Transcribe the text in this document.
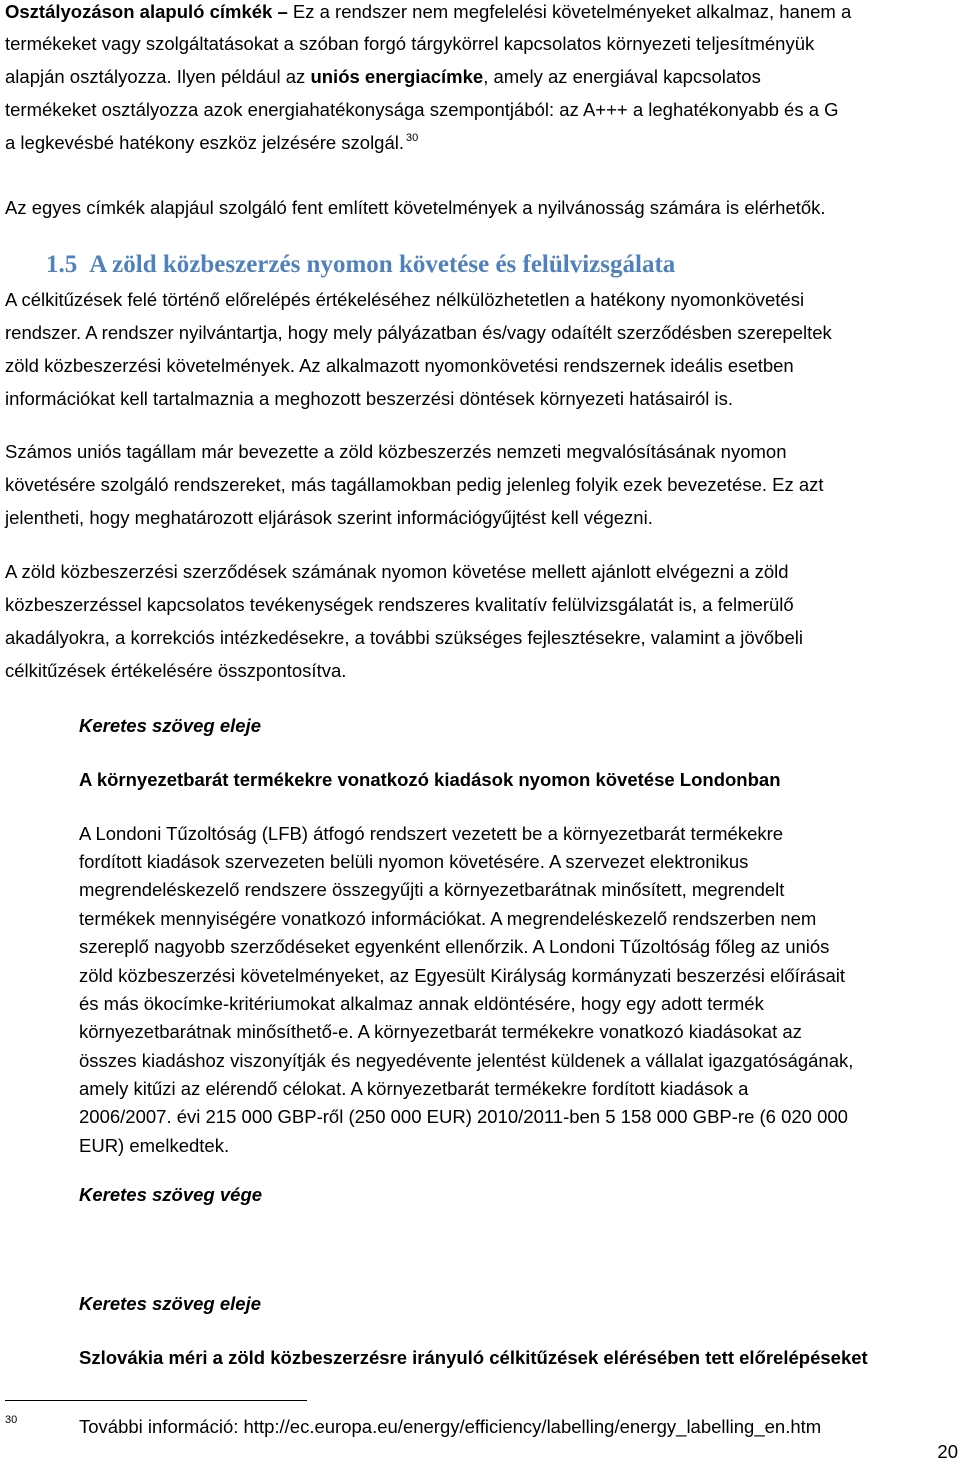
Osztályozáson alapuló címkék – Ez a rendszer nem megfelelési követelményeket alkalmaz, hanem a
termékeket vagy szolgáltatásokat a szóban forgó tárgykörrel kapcsolatos környezeti teljesítményük
alapján osztályozza. Ilyen például az uniós energiacímke, amely az energiával kapcsolatos
termékeket osztályozza azok energiahatékonysága szempontjából: az A+++ a leghatékonyabb és a G
a legkevésbé hatékony eszköz jelzésére szolgál. $^{30}$
Az egyes címkék alapjául szolgáló fent említett követelmények a nyilvánosság számára is elérhetők.
1.5 A zöld közbeszerzés nyomon követése és felülvizsgálata
A célkitűzések felé történő előrelépés értékeléséhez nélkülözhetetlen a hatékony nyomonkövetési
rendszer. A rendszer nyilvántartja, hogy mely pályázatban és/vagy odaítélt szerződésben szerepeltek
zöld közbeszerzési követelmények. Az alkalmazott nyomonkövetési rendszernek ideális esetben
információkat kell tartalmaznia a meghozott beszerzési döntések környezeti hatásairól is.
Számos uniós tagállam már bevezette a zöld közbeszerzés nemzeti megvalósításának nyomon
követésére szolgáló rendszereket, más tagállamokban pedig jelenleg folyik ezek bevezetése. Ez azt
jelentheti, hogy meghatározott eljárások szerint információgyűjtést kell végezni.
A zöld közbeszerzési szerződések számának nyomon követése mellett ajánlott elvégezni a zöld
közbeszerzéssel kapcsolatos tevékenységek rendszeres kvalitatív felülvizsgálatát is, a felmerülő
akadályokra, a korrekciós intézkedésekre, a további szükséges fejlesztésekre, valamint a jövőbeli
célkitűzések értékelésére összpontosítva.
Keretes szöveg eleje
A környezetbarát termékekre vonatkozó kiadások nyomon követése Londonban
A Londoni Tűzoltóság (LFB) átfogó rendszert vezetett be a környezetbarát termékekre
fordított kiadások szervezeten belüli nyomon követésére. A szervezet elektronikus
megrendeléskezelő rendszere összegyűjti a környezetbarátnak minősített, megrendelt
termékek mennyiségére vonatkozó információkat. A megrendeléskezelő rendszerben nem
szereplő nagyobb szerződéseket egyenként ellenőrzik. A Londoni Tűzoltóság főleg az uniós
zöld közbeszerzési követelményeket, az Egyesült Királyság kormányzati beszerzési előírásait
és más ökocímke-kritériumokat alkalmaz annak eldöntésére, hogy egy adott termék
környezetbarátnak minősíthető-e. A környezetbarát termékekre vonatkozó kiadásokat az
összes kiadáshoz viszonyítják és negyedévente jelentést küldenek a vállalat igazgatóságának,
amely kitűzi az elérendő célokat. A környezetbarát termékekre fordított kiadások a
2006/2007. évi 215 000 GBP-ről (250 000 EUR) 2010/2011-ben 5 158 000 GBP-re (6 020 000
EUR) emelkedtek.
Keretes szöveg vége
Keretes szöveg eleje
Szlovákia méri a zöld közbeszerzésre irányuló célkitűzések elérésében tett előrelépéseket
30	További információ: http://ec.europa.eu/energy/efficiency/labelling/energy_labelling_en.htm
20
